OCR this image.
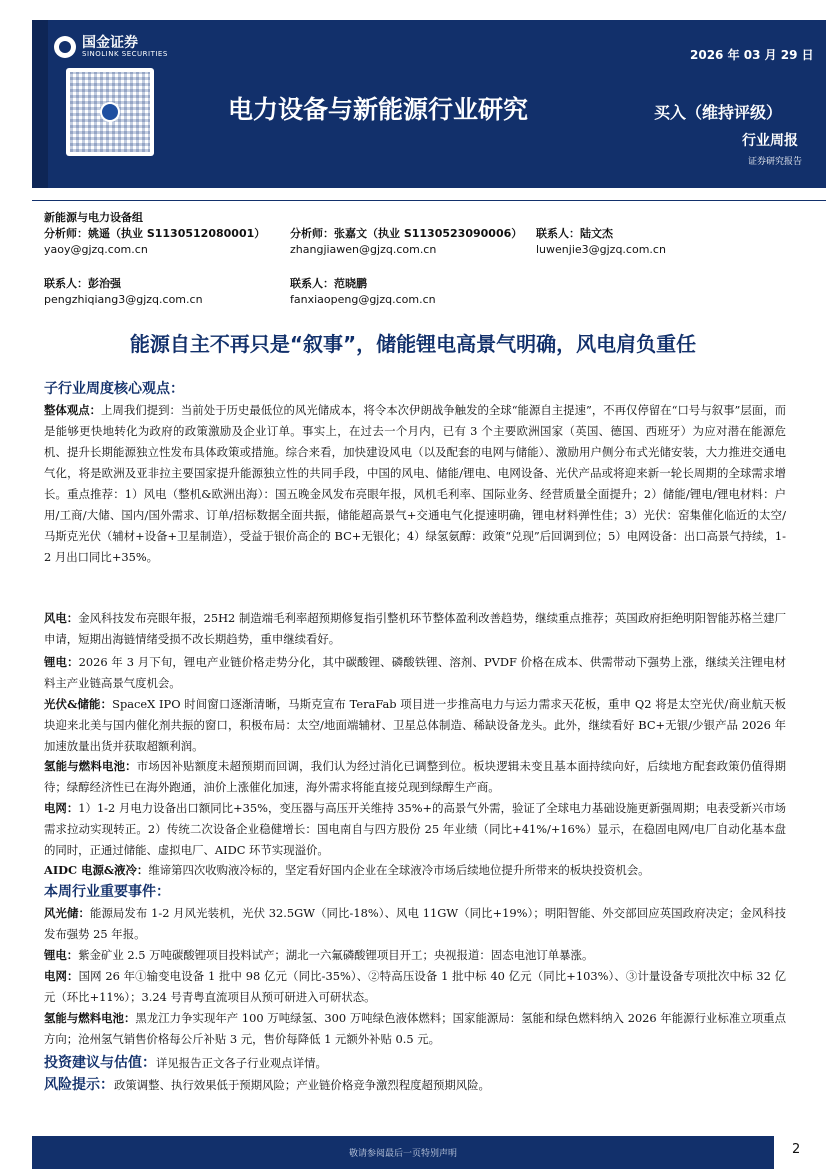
国金证券
SINOLINK SECURITIES	2026 年 03 月 29 日
电力设备与新能源行业研究	买入（维持评级）
行业周报
证券研究报告
新能源与电力设备组
分析师：姚遥（执业 S1130512080001）
yaoy@gjzq.com.cn
分析师：张嘉文（执业 S1130523090006）
zhangjiawen@gjzq.com.cn
联系人：陆文杰
luwenjie3@gjzq.com.cn
联系人：彭治强
pengzhiqiang3@gjzq.com.cn
联系人：范晓鹏
fanxiaopeng@gjzq.com.cn
能源自主不再只是“叙事”，储能锂电高景气明确，风电肩负重任
子行业周度核心观点：
整体观点：上周我们提到：当前处于历史最低位的风光储成本，将令本次伊朗战争触发的全球“能源自主提速”，不再仅停留在“口号与叙事”层面，而是能够更快地转化为政府的政策激励及企业订单。事实上，在过去一个月内，已有 3 个主要欧洲国家（英国、德国、西班牙）为应对潜在能源危机、提升长期能源独立性发布具体政策或措施。综合来看，加快建设风电（以及配套的电网与储能）、激励用户侧分布式光储安装，大力推进交通电气化，将是欧洲及亚非拉主要国家提升能源独立性的共同手段，中国的风电、储能/锂电、电网设备、光伏产品或将迎来新一轮长周期的全球需求增长。重点推荐：1）风电（整机&欧洲出海）：国五晚金风发布亮眼年报，风机毛利率、国际业务、经营质量全面提升；2）储能/锂电/锂电材料：户用/工商/大储、国内/国外需求、订单/招标数据全面共振，储能超高景气+交通电气化提速明确，锂电材料弹性佳；3）光伏：窑集催化临近的太空/马斯克光伏（辅材+设备+卫星制造），受益于银价高企的 BC+无银化；4）绿氢氨醇：政策“兑现”后回调到位；5）电网设备：出口高景气持续，1-2 月出口同比+35%。
风电：金风科技发布亮眼年报，25H2 制造端毛利率超预期修复指引整机环节整体盈利改善趋势，继续重点推荐；英国政府拒绝明阳智能苏格兰建厂申请，短期出海链情绪受损不改长期趋势，重申继续看好。
锂电：2026 年 3 月下旬，锂电产业链价格走势分化，其中碳酸锂、磷酸铁锂、溶剂、PVDF 价格在成本、供需带动下强势上涨，继续关注锂电材料主产业链高景气度机会。
光伏&储能：SpaceX IPO 时间窗口逐渐清晰，马斯克宣布 TeraFab 项目进一步推高电力与运力需求天花板，重申 Q2 将是太空光伏/商业航天板块迎来北美与国内催化剂共振的窗口，积极布局：太空/地面端辅材、卫星总体制造、稀缺设备龙头。此外，继续看好 BC+无银/少银产品 2026 年加速放量出货并获取超额利润。
氢能与燃料电池：市场因补贴额度未超预期而回调，我们认为经过消化已调整到位。板块逻辑未变且基本面持续向好，后续地方配套政策仍值得期待；绿醇经济性已在海外跑通，油价上涨催化加速，海外需求将能直接兑现到绿醇生产商。
电网：1）1-2 月电力设备出口额同比+35%，变压器与高压开关维持 35%+的高景气外需，验证了全球电力基础设施更新强周期；电表受新兴市场需求拉动实现转正。2）传统二次设备企业稳健增长：国电南自与四方股份 25 年业绩（同比+41%/+16%）显示，在稳固电网/电厂自动化基本盘的同时，正通过储能、虚拟电厂、AIDC 环节实现溢价。
AIDC 电源&液冷：维谛第四次收购液冷标的，坚定看好国内企业在全球液冷市场后续地位提升所带来的板块投资机会。
本周行业重要事件：
风光储：能源局发布 1-2 月风光装机，光伏 32.5GW（同比-18%）、风电 11GW（同比+19%）；明阳智能、外交部回应英国政府决定；金风科技发布强势 25 年报。
锂电：紫金矿业 2.5 万吨碳酸锂项目投料试产；湖北一六氟磷酸锂项目开工；央视报道：固态电池订单暴涨。
电网：国网 26 年①输变电设备 1 批中 98 亿元（同比-35%）、②特高压设备 1 批中标 40 亿元（同比+103%）、③计量设备专项批次中标 32 亿元（环比+11%）；3.24 号青粤直流项目从预可研进入可研状态。
氢能与燃料电池：黑龙江力争实现年产 100 万吨绿氢、300 万吨绿色液体燃料；国家能源局：氢能和绿色燃料纳入 2026 年能源行业标准立项重点方向；沧州氢气销售价格每公斤补贴 3 元，售价每降低 1 元额外补贴 0.5 元。
投资建议与估值：详见报告正文各子行业观点详情。
风险提示：政策调整、执行效果低于预期风险；产业链价格竞争激烈程度超预期风险。
敬请参阅最后一页特别声明	2
